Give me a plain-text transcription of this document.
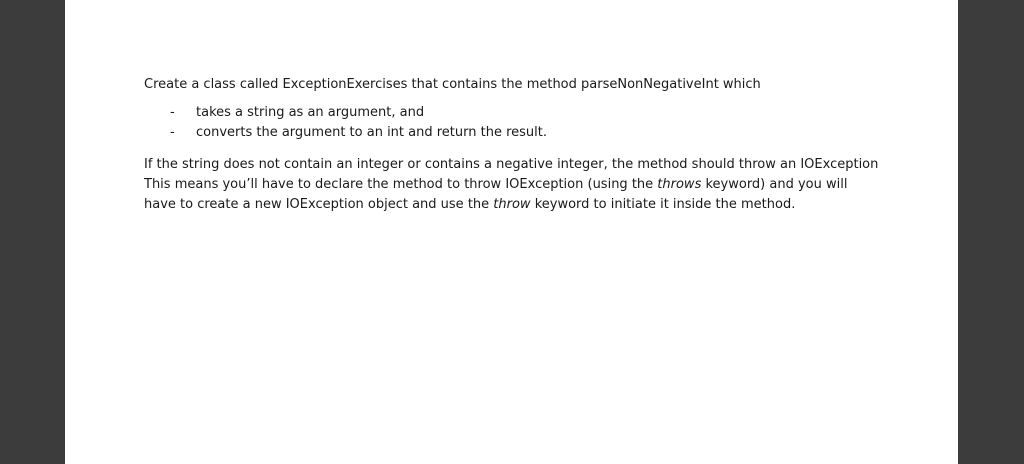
Create a class called ExceptionExercises that contains the method parseNonNegativeInt which

-	takes a string as an argument, and
-	converts the argument to an int and return the result.

If the string does not contain an integer or contains a negative integer, the method should throw an IOException

This means you’ll have to declare the method to throw IOException (using the throws keyword) and you will

have to create a new IOException object and use the throw keyword to initiate it inside the method.
